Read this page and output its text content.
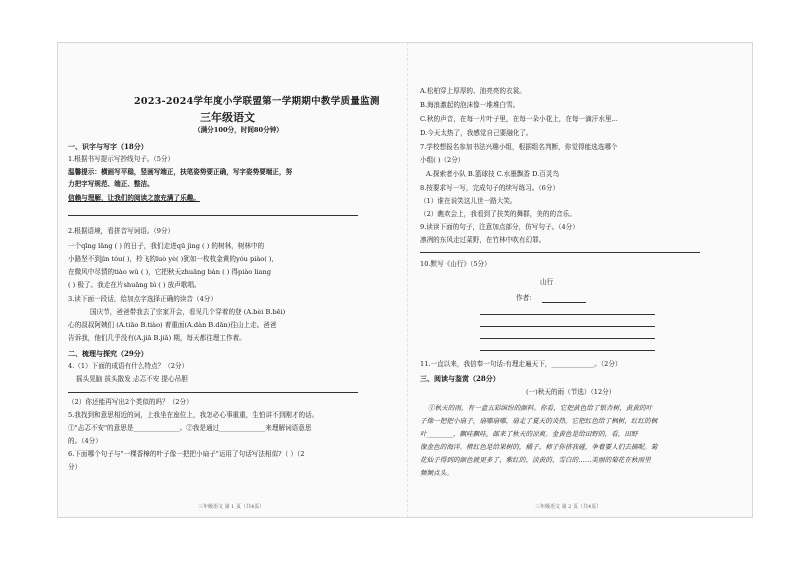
2023-2024学年度小学联盟第一学期期中教学质量监测
三年级语文
（满分100分，时间80分钟）
一、识字与写字（18分）
1.根据书写提示写抄线句子。（5分）
温馨提示：横画写平稳，竖画写端正，扶笔姿势要正确，写字姿势要端正，努
力把字写规范、端正、整洁。
信赖与理解，让我们的阅读之旅充满了乐趣。
2.根据语境，看拼音写词语。（9分）
一个qīng lǎng ( ) 的日子，我们走进qū jìng ( ) 的树林，树林中的
小路坚不到jìn tóu( )，柃飞的luò yè( )犹如一枚枚金黄的yóu piào( ),
在微风中尽情的tiào wǔ ( )，它把秋天zhuāng bàn ( ) 得piào liang
( ) 极了。我走在片shuāng bì ( ) 放声歌唱。
3.读下面一段话，给加点字选择正确的读音（4分）
国庆节，爸爸带我去了宗家开会，看见几个穿着的登 (A.bèi B.bēi)
心的叔叔阿姨们 (A.tiāo B.tiào) 着重面(A.dàn B.dān)往山上走。爸爸
告诉我，他们几乎没有(A.jiā B.jiǎ) 期，每天都往理工作着。
二、梳理与探究（29分）
4.（1）下面的成语有什么特点？（2分）
摇头晃脑 拔头散发 忐忑不安 提心吊胆
（2）你还能再写出2个类似的吗？（2分）
5.我找到和意思相近的词，上我坐在座位上，我怎必心事重重，生怕讲不到刚才的话。
①"忐忑不安"的意思是______________。②我是通过______________来理解词语意思
的。（4分）
6.下面哪个句子与"一棵香樟的叶子像一把把小扇子"运用了句话写法相似?（ ）（2
分）
三年级语文 第 1 页（共4页）
A.松柏穿上厚厚的、油亮亮的衣裳。
B.海浪激起的泡沫像一堆堆白雪。
C.秋的声音，在每一片叶子里，在每一朵小花上，在每一滴汗水里...
D.今天太热了，我感觉自己要融化了。
7.学校想报名参加书法兴趣小组，根据组名判断，你觉得能选选哪个
小组( )（2分）
A.探索者小队 B.篮球技 C.水墨飘香 D.百灵鸟
8.按要求写一写，完成句子的续写练习。（6分）
（1）谁在说笑这儿世一路大笑。
（2）瞧欢会上，我看到了扶芙的舞群，美的的音乐。
9.读读下面的句子，注意加点部分，仿写句子。（4分）
凛冽的东风走过菜野，在竹林中吹有幻罪。
10.默写《山行》（5分）
山行
作者：
11.一直以来，我信奉一句话:有理走遍天下，_____________。（2分）
三、阅读与鉴赏（28分）
(一)秋天的雨（节选）（12分）
①秋天的雨，有一盒五彩缤纷的颜料。你看，它把黄色给了银杏树，黄黄的叶
子像一把把小扇子，扇哪扇哪，扇走了夏天的炎热。它把红色给了枫树，红红的枫
叶________，飘哇飘哇，邮来了秋天的凉爽。金黄色是给田野的，看，田野
像金色的海洋。橙红色是给果树的，橘子、柿子你挤我碰，争着要人们去摘呢。菊
花仙子得到的颜色就更多了，紫红的、淡黄的、雪白的……美丽的菊花在秋雨里
频频点头。
三年级语文 第 2 页（共4页）
